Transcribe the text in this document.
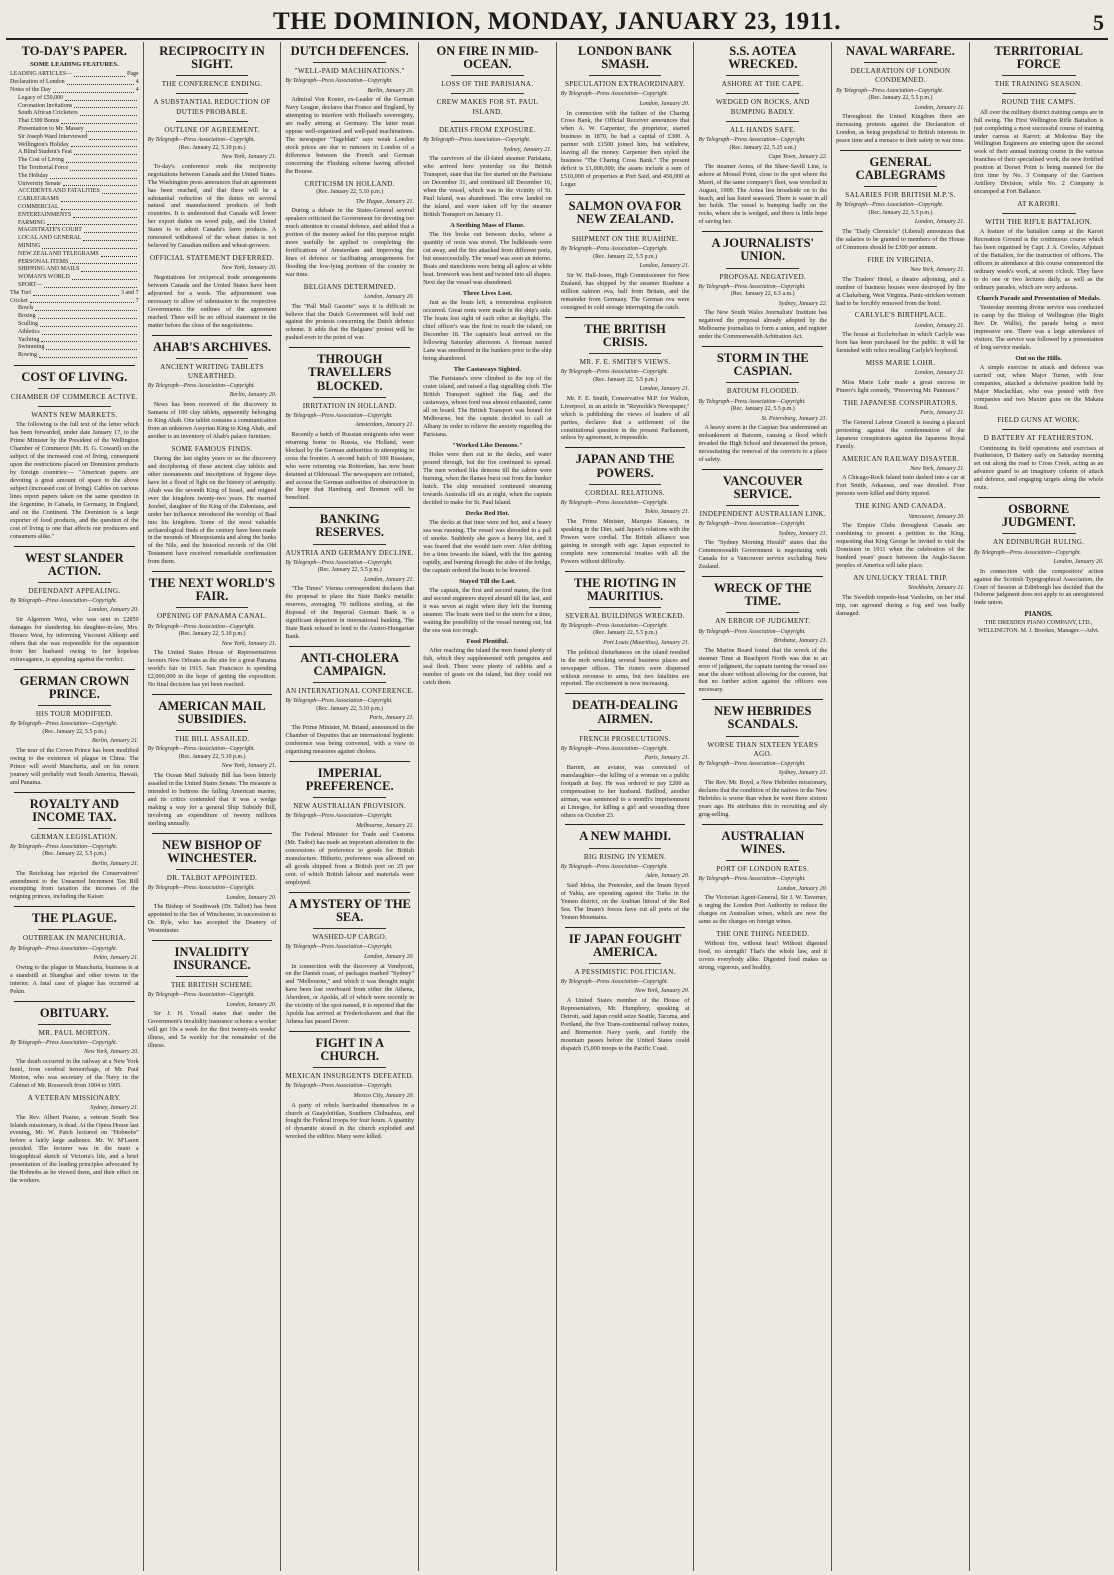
THE DOMINION, MONDAY, JANUARY 23, 1911.	5
TO-DAY'S PAPER.
SOME LEADING FEATURES.
LEADING ARTICLES—	Page
Declaration of London	4
Notes of the Day	4
Legacy of £50,000
Coronation Invitations
South African Cricketers
That £300 Bonus
Presentation to Mr. Massey
Sir Joseph Ward Interviewed
Wellington's Holiday
A Blind Student's Feat
The Cost of Living
The Territorial Force
The Holiday
University Senate
ACCIDENTS AND FATALITIES
CABLEGRAMS
COMMERCIAL
ENTERTAINMENTS
FARMING
MAGISTRATE'S COURT
LOCAL AND GENERAL
MINING
NEW ZEALAND TELEGRAMS
PERSONAL ITEMS
SHIPPING AND MAILS
WOMAN'S WORLD
SPORT—
The Turf	3 and 7
Cricket	7
Bowls
Boxing
Sculling
Athletics
Yachting
Swimming
Rowing
COST OF LIVING.
CHAMBER OF COMMERCE ACTIVE.
WANTS NEW MARKETS.
The following is the full text of the letter which has been forwarded, under date January 17, to the Prime Minister by the President of the Wellington Chamber of Commerce (Mr. H. G. Coward) on the subject of the increased cost of living, consequent upon the restrictions placed on Dominion products by foreign countries:— "American papers are devoting a great amount of space to the above subject (increased cost of living). Cables on various lines report papers taken on the same question in the Argentine, in Canada, in Germany, in England, and on the Continent. The Dominion is a large exporter of food products, and the question of the cost of living is one that affects our producers and consumers alike."
WEST SLANDER ACTION.
DEFENDANT APPEALING.
By Telegraph—Press Association—Copyright.
London, January 20.
Sir Algernon West, who was sent to £2850 damages for slandering his daughter-in-law, Mrs. Horace West, by informing Viscount Althorp and others that she was responsible for the separation from her husband owing to her hopeless extravagance, is appealing against the verdict.
GERMAN CROWN PRINCE.
HIS TOUR MODIFIED.
By Telegraph—Press Association—Copyright.
(Rec. January 22, 5.5 p.m.)
Berlin, January 21.
The tour of the Crown Prince has been modified owing to the existence of plague in China. The Prince will avoid Manchuria, and on his return journey will probably visit South America, Hawaii, and Panama.
ROYALTY AND INCOME TAX.
GERMAN LEGISLATION.
By Telegraph—Press Association—Copyright.
(Rec. January 22, 5.5 p.m.)
Berlin, January 21.
The Reichstag has rejected the Conservatives' amendment to the Unearned Increment Tax Bill exempting from taxation the incomes of the reigning princes, including the Kaiser.
THE PLAGUE.
OUTBREAK IN MANCHURIA.
By Telegraph—Press Association—Copyright.
Pekin, January 21.
Owing to the plague in Manchuria, business is at a standstill at Shanghai and other towns in the interior. A fatal case of plague has occurred at Pekin.
OBITUARY.
MR. PAUL MORTON.
By Telegraph—Press Association—Copyright.
New York, January 20.
The death occurred in the railway at a New York hotel, from cerebral hemorrhage, of Mr. Paul Morton, who was secretary of the Navy in the Cabinet of Mr. Roosevelt from 1904 to 1905.
A VETERAN MISSIONARY.
Sydney, January 21.
The Rev. Albert Pearse, a veteran South Sea Islands missionary, is dead. At the Opera House last evening, Mr. W. Patch lectured on "Hobnobs" before a fairly large audience. Mr. W. M'Laren presided. The lecturer was in the main a biographical sketch of Victoria's life, and a brief presentation of the leading principles advocated by the Hobnobs as he viewed them, and their effect on the workers.
RECIPROCITY IN SIGHT.
THE CONFERENCE ENDING.
A SUBSTANTIAL REDUCTION OF DUTIES PROBABLE.
OUTLINE OF AGREEMENT.
By Telegraph—Press Association—Copyright.
(Rec. January 22, 5.10 p.m.)
New York, January 21.
To-day's conference ends the reciprocity negotiations between Canada and the United States. The Washington press announces that an agreement has been reached, and that there will be a substantial reduction of the duties on several natural and manufactured products of both countries. It is understood that Canada will lower her export duties on wood pulp, and the United States is to admit Canada's farm products. A rumoured withdrawal of the wheat duties is not believed by Canadian millers and wheat-growers.
OFFICIAL STATEMENT DEFERRED.
New York, January 20.
Negotiations for reciprocal trade arrangements between Canada and the United States have been adjourned for a week. The adjournment was necessary to allow of submission to the respective Governments the outlines of the agreement reached. There will be no official statement in the matter before the close of the negotiations.
AHAB'S ARCHIVES.
ANCIENT WRITING TABLETS UNEARTHED.
By Telegraph—Press Association—Copyright.
Berlin, January 20.
News has been received of the discovery in Samaria of 100 clay tablets, apparently belonging to King Ahab. One tablet contains a communication from an unknown Assyrian King to King Ahab, and another is an inventory of Ahab's palace furniture.
SOME FAMOUS FINDS.
During the last eighty years or so the discovery and deciphering of these ancient clay tablets and other monuments and inscriptions of bygone days have let a flood of light on the history of antiquity. Ahab was the seventh King of Israel, and reigned over the kingdom twenty-two years. He married Jezebel, daughter of the King of the Zidonians, and under her influence introduced the worship of Baal into his kingdom. Some of the most valuable archaeological finds of the century have been made in the mounds of Mesopotamia and along the banks of the Nile, and the historical records of the Old Testament have received remarkable confirmation from them.
THE NEXT WORLD'S FAIR.
OPENING OF PANAMA CANAL.
By Telegraph—Press Association—Copyright.
(Rec. January 22, 5.10 p.m.)
New York, January 21.
The United States House of Representatives favours New Orleans as the site for a great Panama world's fair in 1915. San Francisco is spending £2,000,000 in the hope of getting the exposition. No final decision has yet been reached.
AMERICAN MAIL SUBSIDIES.
THE BILL ASSAILED.
By Telegraph—Press Association—Copyright.
(Rec. January 22, 5.10 p.m.)
New York, January 21.
The Ocean Mail Subsidy Bill has been bitterly assailed in the United States Senate. The measure is intended to buttress the failing American marine, and its critics contended that it was a wedge making a way for a general Ship Subsidy Bill, involving an expenditure of twenty millions sterling annually.
NEW BISHOP OF WINCHESTER.
DR. TALBOT APPOINTED.
By Telegraph—Press Association—Copyright.
London, January 20.
The Bishop of Southwark (Dr. Talbot) has been appointed to the See of Winchester, in succession to Dr. Ryle, who has accepted the Deanery of Westminster.
INVALIDITY INSURANCE.
THE BRITISH SCHEME.
By Telegraph—Press Association—Copyright.
London, January 20.
Sir J. H. Yoxall states that under the Government's invalidity insurance scheme a worker will get 10s a week for the first twenty-six weeks' illness, and 5s weekly for the remainder of the illness.
DUTCH DEFENCES.
"WELL-PAID MACHINATIONS."
By Telegraph—Press Association—Copyright.
Berlin, January 20.
Admiral Von Koster, ex-Leader of the German Navy League, declares that France and England, by attempting to interfere with Holland's sovereignty, are really aiming at Germany. The latter must oppose well-organised and well-paid machinations. The newspaper "Tageblatt" says weak London stock prices are due to rumours in London of a difference between the French and German concerning the Flushing scheme having affected the Bourse.
CRITICISM IN HOLLAND.
(Rec. January 22, 5.10 p.m.)
The Hague, January 21.
During a debate in the States-General several speakers criticised the Government for devoting too much attention to coastal defence, and added that a portion of the money asked for this purpose might more usefully be applied to completing the fortifications of Amsterdam and improving the lines of defence or facilitating arrangements for flooding the low-lying portions of the country in war time.
BELGIANS DETERMINED.
London, January 20.
The "Pall Mall Gazette" says it is difficult to believe that the Dutch Government will hold out against the protests concerning the Dutch defence scheme. It adds that the Belgians' protest will be pushed even to the point of war.
THROUGH TRAVELLERS BLOCKED.
IRRITATION IN HOLLAND.
By Telegraph—Press Association—Copyright.
Amsterdam, January 21.
Recently a batch of Russian emigrants who were returning home to Russia, via Holland, were blocked by the German authorities in attempting to cross the frontier. A second batch of 100 Russians, who were returning via Rotterdam, has now been detained at Oldenzaal. The newspapers are irritated, and accuse the German authorities of obstruction in the hope that Hamburg and Bremen will be benefited.
BANKING RESERVES.
AUSTRIA AND GERMANY DECLINE.
By Telegraph—Press Association—Copyright.
(Rec. January 22, 5.5 p.m.)
London, January 21.
"The Times" Vienna correspondent declares that the proposal to place the State Bank's metallic reserves, averaging 70 millions sterling, at the disposal of the Imperial German Bank is a significant departure in international banking. The State Bank refused to lend to the Austro-Hungarian Bank.
ANTI-CHOLERA CAMPAIGN.
AN INTERNATIONAL CONFERENCE.
By Telegraph—Press Association—Copyright.
(Rec. January 22, 5.10 p.m.)
Paris, January 21.
The Prime Minister, M. Briand, announced in the Chamber of Deputies that an international hygienic conference was being convened, with a view to organising measures against cholera.
IMPERIAL PREFERENCE.
NEW AUSTRALIAN PROVISION.
By Telegraph—Press Association—Copyright.
Melbourne, January 21.
The Federal Minister for Trade and Customs (Mr. Tudor) has made an important alteration in the concessions of preference to goods for British manufacture. Hitherto, preference was allowed on all goods shipped from a British port on 25 per cent. of which British labour and materials were employed.
A MYSTERY OF THE SEA.
WASHED-UP CARGO.
By Telegraph—Press Association—Copyright.
London, January 20.
In connection with the discovery at Vendycott, on the Danish coast, of packages marked "Sydney" and "Melbourne," and which it was thought might have been lost overboard from either the Athena, Aberdeen, or Apolda, all of which were recently in the vicinity of the spot named, it is reported that the Apolda has arrived at Fredericshaven and that the Athena has passed Dover.
FIGHT IN A CHURCH.
MEXICAN INSURGENTS DEFEATED.
By Telegraph—Press Association—Copyright.
Mexico City, January 20.
A party of rebels barricaded themselves in a church at Guajolotitlan, Southern Chihuahua, and fought the Federal troops for four hours. A quantity of dynamite stored in the church exploded and wrecked the edifice. Many were killed.
ON FIRE IN MID-OCEAN.
LOSS OF THE PARISIANA.
CREW MAKES FOR ST. PAUL ISLAND.
DEATHS FROM EXPOSURE.
By Telegraph—Press Association—Copyright.
Sydney, January 21.
The survivors of the ill-fated steamer Parisiana, who arrived here yesterday on the British Transport, state that the fire started on the Parisiana on December 31, and continued till December 16, when the vessel, which was in the vicinity of St. Paul Island, was abandoned. The crew landed on the island, and were taken off by the steamer British Transport on January 11.
A Seething Mass of Flame.
The fire broke out between decks, where a quantity of resin was stored. The bulkheads were cut away, and the fire attacked from different ports, but unsuccessfully. The vessel was soon an inferno. Boats and stanchions were being all aglow at white heat. Ironwork was bent and twisted into all shapes. Next day the vessel was abandoned.
Three Lives Lost.
Just as the boats left, a tremendous explosion occurred. Great rents were made in the ship's side. The boats lost sight of each other at daylight. The chief officer's was the first to reach the island, on December 18. The captain's boat arrived on the following Saturday afternoon. A fireman named Lane was smothered in the bunkers prior to the ship being abandoned.
The Castaways Sighted.
The Parisiana's crew climbed to the top of the crater island, and raised a flag signalling cloth. The British Transport sighted the flag, and the castaways, whose food was almost exhausted, came all on board. The British Transport was bound for Melbourne, but the captain decided to call at Albany in order to relieve the anxiety regarding the Parisiana.
"Worked Like Demons."
Holes were then cut in the decks, and water poured through, but the fire continued to spread. The men worked like demons till the cabins were burning, when the flames burst out from the bunker hatch. The ship remained continued steaming towards Australia till six at night, when the captain decided to make for St. Paul Island.
Decks Red Hot.
The decks at that time were red hot, and a heavy sea was running. The vessel was shrouded in a pall of smoke. Suddenly she gave a heavy list, and it was feared that she would turn over. After drifting for a time towards the island, with the fire gaining rapidly, and burning through the sides of the bridge, the captain ordered the boats to be lowered.
Stayed Till the Last.
The captain, the first and second mates, the first and second engineers stayed aboard till the last, and it was seven at night when they left the burning steamer. The boats were tied to the stern for a time, waiting the possibility of the vessel turning out, but the sea was too rough.
Food Plentiful.
After reaching the island the men found plenty of fish, which they supplemented with penguins and seal flesh. There were plenty of rabbits and a number of goats on the island, but they could not catch them.
LONDON BANK SMASH.
SPECULATION EXTRAORDINARY.
By Telegraph—Press Association—Copyright.
London, January 20.
In connection with the failure of the Charing Cross Bank, the Official Receiver announces that when A. W. Carpenter, the proprietor, started business in 1870, he had a capital of £300. A partner with £1500 joined him, but withdrew, leaving all the money. Carpenter then styled the business "The Charing Cross Bank." The present deficit is £1,000,000; the assets include a sum of £510,000 of properties at Port Said, and 450,000 at Lugar.
SALMON OVA FOR NEW ZEALAND.
SHIPMENT ON THE RUAHINE.
By Telegraph—Press Association—Copyright.
(Rec. January 22, 5.5 p.m.)
London, January 21.
Sir W. Hall-Jones, High Commissioner for New Zealand, has shipped by the steamer Ruahine a million salmon ova, half from Britain, and the remainder from Germany. The German ova were consigned in cold storage interrupting the catch.
THE BRITISH CRISIS.
MR. F. E. SMITH'S VIEWS.
By Telegraph—Press Association—Copyright.
(Rec. January 22, 5.5 p.m.)
London, January 21.
Mr. F. E. Smith, Conservative M.P. for Walton, Liverpool, in an article in "Reynolds's Newspaper," which is publishing the views of leaders of all parties, declares that a settlement of the constitutional question in the present Parliament, unless by agreement, is impossible.
JAPAN AND THE POWERS.
CORDIAL RELATIONS.
By Telegraph—Press Association—Copyright.
Tokio, January 21.
The Prime Minister, Marquis Katsura, in speaking in the Diet, said Japan's relations with the Powers were cordial. The British alliance was gaining in strength with age. Japan expected to complete new commercial treaties with all the Powers without difficulty.
THE RIOTING IN MAURITIUS.
SEVERAL BUILDINGS WRECKED.
By Telegraph—Press Association—Copyright.
(Rec. January 22, 5.5 p.m.)
Port Louis (Mauritius), January 21.
The political disturbances on the island resulted in the mob wrecking several business places and newspaper offices. The rioters were dispersed without recourse to arms, but two fatalities are reported. The excitement is now increasing.
DEATH-DEALING AIRMEN.
FRENCH PROSECUTIONS.
By Telegraph—Press Association—Copyright.
Paris, January 21.
Barrett, an aviator, was convicted of manslaughter—the killing of a woman on a public footpath at Issy. He was ordered to pay £200 as compensation to her husband. Bailliod, another airman, was sentenced to a month's imprisonment at Limoges, for killing a girl and wounding three others on October 23.
A NEW MAHDI.
BIG RISING IN YEMEN.
By Telegraph—Press Association—Copyright.
Aden, January 20.
Said Idriss, the Pretender, and the Imam Syyed of Yahia, are operating against the Turks in the Yemen district, on the Arabian littoral of the Red Sea. The Imam's forces have cut all ports of the Yemen Mountains.
IF JAPAN FOUGHT AMERICA.
A PESSIMISTIC POLITICIAN.
By Telegraph—Press Association—Copyright.
New York, January 20.
A United States member of the House of Representatives, Mr. Humphrey, speaking at Detroit, said Japan could seize Seattle, Tacoma, and Portland, the five Trans-continental railway routes, and Bremerton Navy yards, and fortify the mountain passes before the United States could dispatch 15,000 troops to the Pacific Coast.
S.S. AOTEA WRECKED.
ASHORE AT THE CAPE.
WEDGED ON ROCKS, AND BUMPING BADLY.
ALL HANDS SAFE.
By Telegraph—Press Association—Copyright.
(Rec. January 22, 5.25 a.m.)
Cape Town, January 22.
The steamer Aotea, of the Shaw-Savill Line, is ashore at Mossel Point, close to the spot where the Maori, of the same company's fleet, was wrecked in August, 1909. The Aotea lies broadside on to the beach, and has listed seaward. There is water in all her holds. The vessel is bumping badly on the rocks, where she is wedged, and there is little hope of saving her.
A JOURNALISTS' UNION.
PROPOSAL NEGATIVED.
By Telegraph—Press Association—Copyright.
(Rec. January 22, 6.5 a.m.)
Sydney, January 22.
The New South Wales Journalists' Institute has negatived the proposal already adopted by the Melbourne journalists to form a union, and register under the Commonwealth Arbitration Act.
STORM IN THE CASPIAN.
BATOUM FLOODED.
By Telegraph—Press Association—Copyright.
(Rec. January 22, 5.5 p.m.)
St. Petersburg, January 21.
A heavy storm in the Caspian Sea undermined an embankment at Batoum, causing a flood which invaded the High School and threatened the prison, necessitating the removal of the convicts to a place of safety.
VANCOUVER SERVICE.
INDEPENDENT AUSTRALIAN LINK.
By Telegraph—Press Association—Copyright.
Sydney, January 21.
The "Sydney Morning Herald" states that the Commonwealth Government is negotiating with Canada for a Vancouver service excluding New Zealand.
WRECK OF THE TIME.
AN ERROR OF JUDGMENT.
By Telegraph—Press Association—Copyright.
Brisbane, January 21.
The Marine Board found that the wreck of the steamer Time at Beachport North was due to an error of judgment, the captain turning the vessel too near the shore without allowing for the current, but that no further action against the officers was necessary.
NEW HEBRIDES SCANDALS.
WORSE THAN SIXTEEN YEARS AGO.
By Telegraph—Press Association—Copyright.
Sydney, January 21.
The Rev. Mr. Boyd, a New Hebrides missionary, declares that the condition of the natives in the New Hebrides is worse than when he went there sixteen years ago. He attributes this to recruiting and sly grog-selling.
AUSTRALIAN WINES.
PORT OF LONDON RATES.
By Telegraph—Press Association—Copyright.
London, January 20.
The Victorian Agent-General, Sir J. W. Taverner, is urging the London Port Authority to reduce the charges on Australian wines, which are now the same as the charges on foreign wines.
THE ONE THING NEEDED.
Without fire, without heat! Without digested food, no strength! That's the whole law, and it covers everybody alike. Digested food makes us strong, vigorous, and healthy.
NAVAL WARFARE.
DECLARATION OF LONDON CONDEMNED.
By Telegraph—Press Association—Copyright.
(Rec. January 22, 5.5 p.m.)
London, January 21.
Throughout the United Kingdom there are increasing protests against the Declaration of London, as being prejudicial to British interests in peace time and a menace to their safety in war time.
GENERAL CABLEGRAMS
SALARIES FOR BRITISH M.P.'S.
By Telegraph—Press Association—Copyright.
(Rec. January 22, 5.5 p.m.)
London, January 21.
The "Daily Chronicle" (Liberal) announces that the salaries to be granted to members of the House of Commons should be £300 per annum.
FIRE IN VIRGINIA.
New York, January 21.
The Traders' Hotel, a theatre adjoining, and a number of business houses were destroyed by fire at Clarksburg, West Virginia. Panic-stricken women had to be forcibly removed from the hotel.
CARLYLE'S BIRTHPLACE.
London, January 21.
The house at Ecclefechan in which Carlyle was born has been purchased for the public. It will be furnished with relics recalling Carlyle's boyhood.
MISS MARIE LOHR.
London, January 21.
Miss Marie Lohr made a great success in Pinero's light comedy, "Preserving Mr. Panmure."
THE JAPANESE CONSPIRATORS.
Paris, January 21.
The General Labour Council is issuing a placard protesting against the condemnation of the Japanese conspirators against the Japanese Royal Family.
AMERICAN RAILWAY DISASTER.
New York, January 21.
A Chicago-Rock Island train dashed into a car at Fort Smith, Arkansas, and was derailed. Four persons were killed and thirty injured.
THE KING AND CANADA.
Vancouver, January 20.
The Empire Clubs throughout Canada are combining to present a petition to the King, requesting that King George be invited to visit the Dominion in 1911 when the celebration of the hundred years' peace between the Anglo-Saxon peoples of America will take place.
AN UNLUCKY TRIAL TRIP.
Stockholm, January 21.
The Swedish torpedo-boat Vaxholm, on her trial trip, ran aground during a fog and was badly damaged.
TERRITORIAL FORCE
THE TRAINING SEASON.
ROUND THE CAMPS.
All over the military district training camps are in full swing. The First Wellington Rifle Battalion is just completing a most successful course of training under canvas at Karori; at Mokotoa Bay the Wellington Engineers are entering upon the second week of their annual training course in the various branches of their specialised work; the new fortified position at Dorset Point is being manned for the first time by No. 3 Company of the Garrison Artillery Division, while No. 2 Company is encamped at Fort Ballance.
AT KARORI.
WITH THE RIFLE BATTALION.
A feature of the battalion camp at the Karori Recreation Ground is the continuous course which has been organised by Capt. J. A. Cowles, Adjutant of the Battalion, for the instruction of officers. The officers in attendance at this course commenced the ordinary week's work, at seven o'clock. They have to do one or two lectures daily, as well as the ordinary parades, which are very arduous.
Church Parade and Presentation of Medals.
Yesterday morning divine service was conducted in camp by the Bishop of Wellington (the Right Rev. Dr. Wallis), the parade being a most impressive one. There was a large attendance of visitors. The service was followed by a presentation of long service medals.
Out on the Hills.
A simple exercise in attack and defence was carried out, when Major Turner, with four companies, attacked a defensive position held by Major Maclachlan, who was posted with five companies and two Maxim guns on the Makara Road.
FIELD GUNS AT WORK.
D BATTERY AT FEATHERSTON.
Continuing its field operations and exercises at Featherston, D Battery early on Saturday morning set out along the road to Cross Creek, acting as an advance guard to an imaginary column of attack and defence, and engaging targets along the whole route.
OSBORNE JUDGMENT.
AN EDINBURGH RULING.
By Telegraph—Press Association—Copyright.
London, January 20.
In connection with the compositors' action against the Scottish Typographical Association, the Court of Session at Edinburgh has decided that the Osborne judgment does not apply to an unregistered trade union.
PIANOS.
THE DRESDEN PIANO COMPANY, LTD., WELLINGTON. M. J. Brookes, Manager.—Advt.
